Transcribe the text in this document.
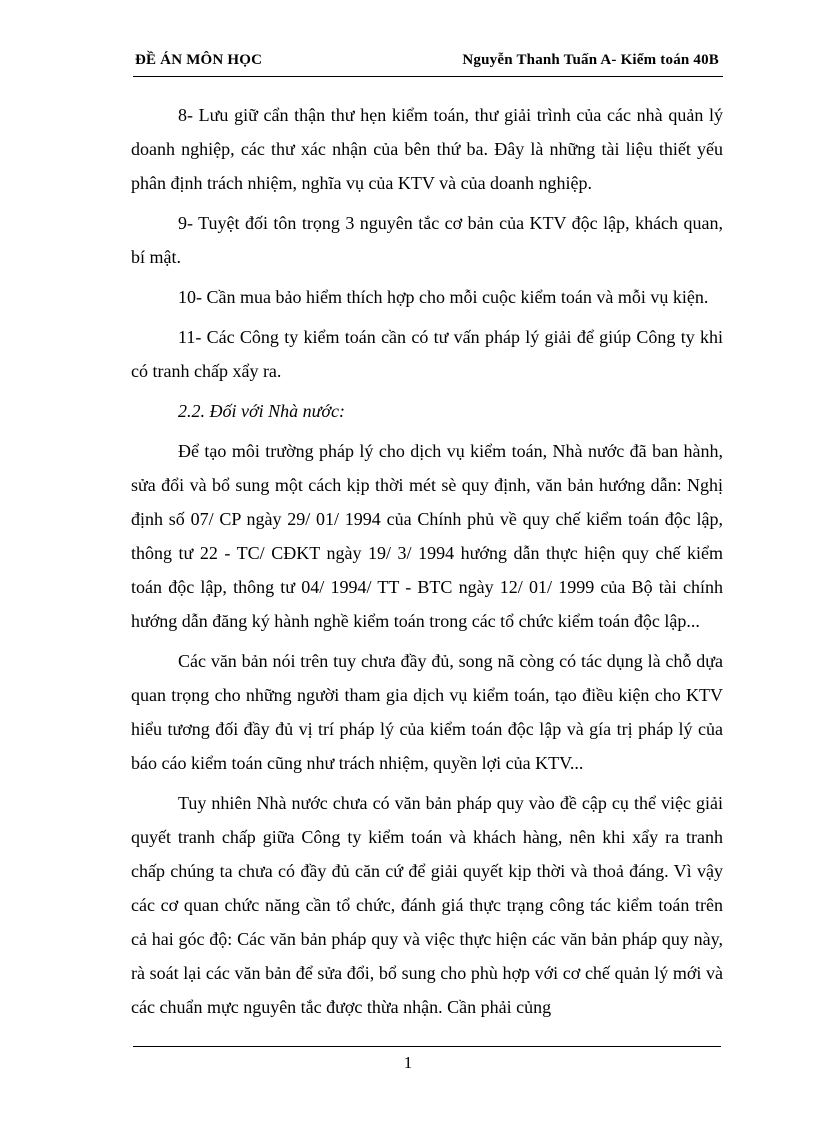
ĐỀ ÁN MÔN HỌC	Nguyễn Thanh Tuấn A- Kiểm toán 40B

8- Lưu giữ cẩn thận thư hẹn kiểm toán, thư giải trình của các nhà quản lý doanh nghiệp, các thư xác nhận của bên thứ ba. Đây là những tài liệu thiết yếu phân định trách nhiệm, nghĩa vụ của KTV và của doanh nghiệp.

9- Tuyệt đối tôn trọng 3 nguyên tắc cơ bản của KTV độc lập, khách quan, bí mật.

10- Cần mua bảo hiểm thích hợp cho mỗi cuộc kiểm toán và mỗi vụ kiện.

11- Các Công ty kiểm toán cần có tư vấn pháp lý giải để giúp Công ty khi có tranh chấp xẩy ra.

2.2. Đối với Nhà nước:

Để tạo môi trường pháp lý cho dịch vụ kiểm toán, Nhà nước đã ban hành, sửa đổi và bổ sung một cách kịp thời mét sè quy định, văn bản hướng dẫn: Nghị định số 07/ CP ngày 29/ 01/ 1994 của Chính phủ về quy chế kiểm toán độc lập, thông tư 22 - TC/ CĐKT ngày 19/ 3/ 1994 hướng dẫn thực hiện quy chế kiểm toán độc lập, thông tư 04/ 1994/ TT - BTC ngày 12/ 01/ 1999 của Bộ tài chính hướng dẫn đăng ký hành nghề kiểm toán trong các tổ chức kiểm toán độc lập...

Các văn bản nói trên tuy chưa đầy đủ, song nã còng có tác dụng là chỗ dựa quan trọng cho những người tham gia dịch vụ kiểm toán, tạo điều kiện cho KTV hiểu tương đối đầy đủ vị trí pháp lý của kiểm toán độc lập và gía trị pháp lý của báo cáo kiểm toán cũng như trách nhiệm, quyền lợi của KTV...

Tuy nhiên Nhà nước chưa có văn bản pháp quy vào đề cập cụ thể việc giải quyết tranh chấp giữa Công ty kiểm toán và khách hàng, nên khi xẩy ra tranh chấp chúng ta chưa có đầy đủ căn cứ để giải quyết kịp thời và thoả đáng. Vì vậy các cơ quan chức năng cần tổ chức, đánh giá thực trạng công tác kiểm toán trên cả hai góc độ: Các văn bản pháp quy và việc thực hiện các văn bản pháp quy này, rà soát lại các văn bản để sửa đổi, bổ sung cho phù hợp với cơ chế quản lý mới và các chuẩn mực nguyên tắc được thừa nhận. Cần phải củng

1
